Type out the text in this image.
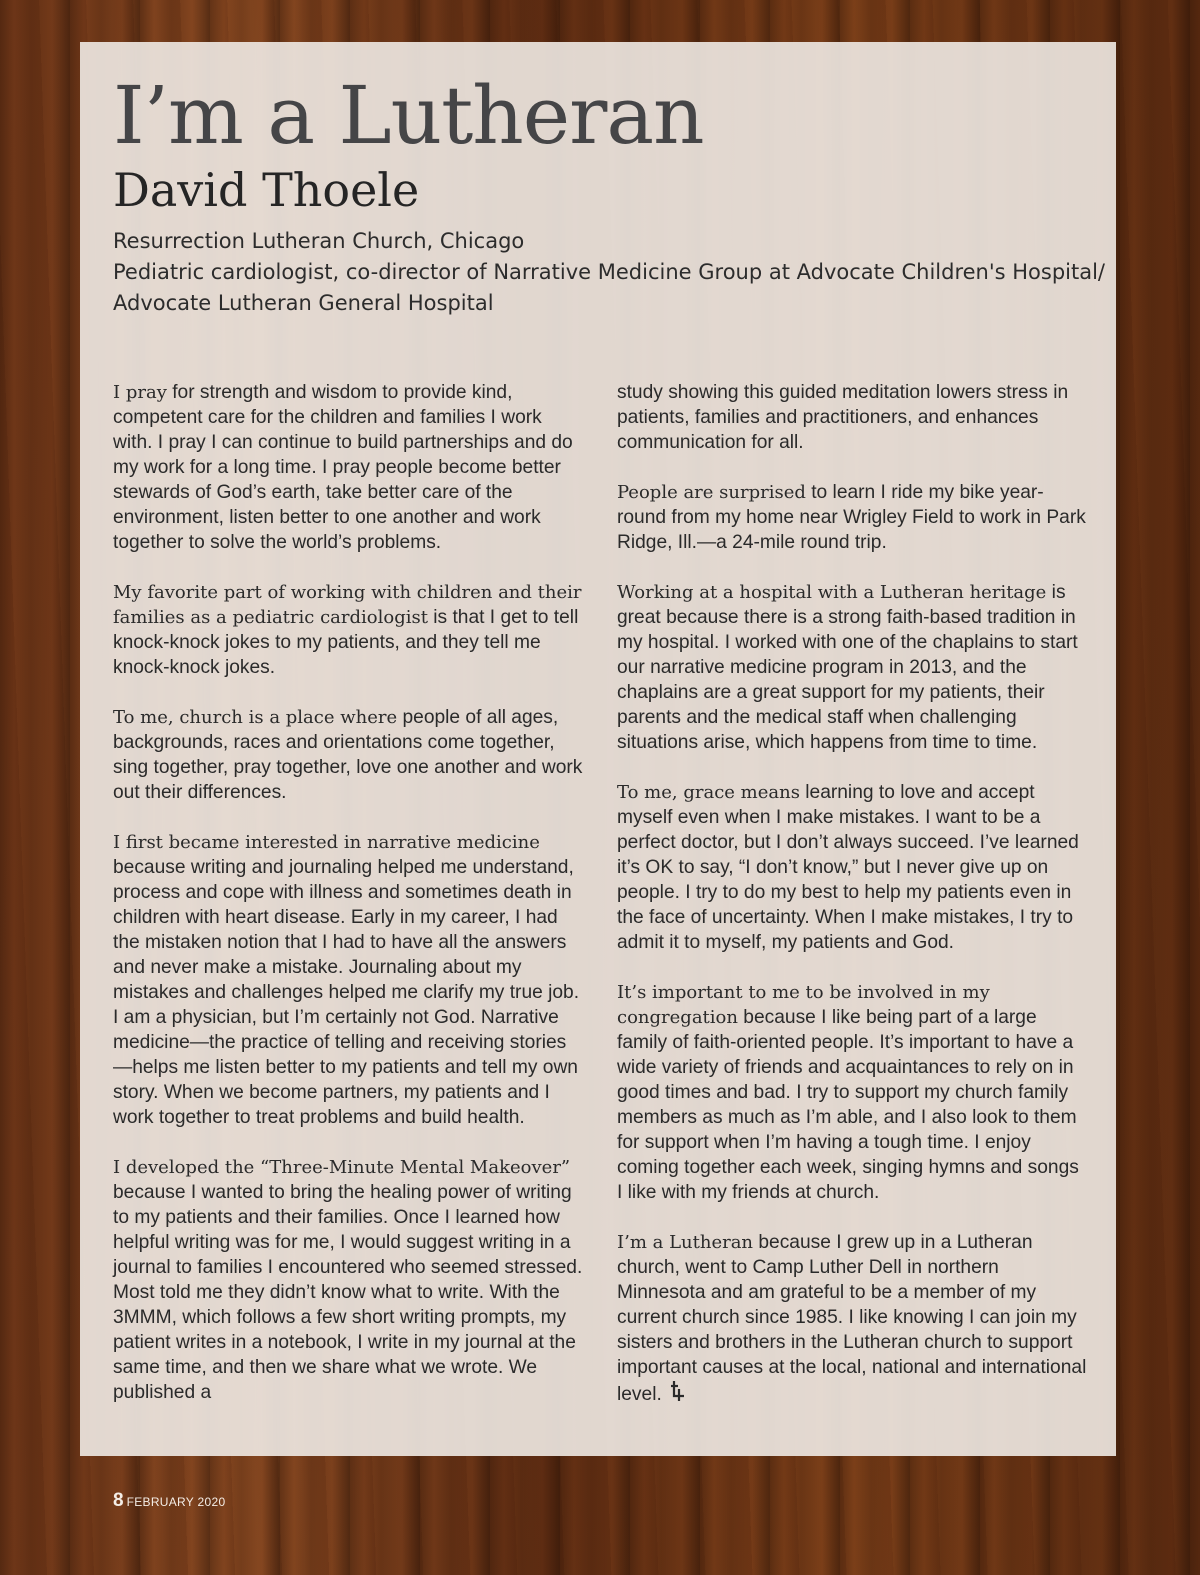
I’m a Lutheran
David Thoele
Resurrection Lutheran Church, Chicago
Pediatric cardiologist, co-director of Narrative Medicine Group at Advocate Children's Hospital/
Advocate Lutheran General Hospital

I pray for strength and wisdom to provide kind, competent care for the children and families I work with. I pray I can continue to build partnerships and do my work for a long time. I pray people become better stewards of God’s earth, take better care of the environment, listen better to one another and work together to solve the world’s problems.

My favorite part of working with children and their families as a pediatric cardiologist is that I get to tell knock-knock jokes to my patients, and they tell me knock-knock jokes.

To me, church is a place where people of all ages, backgrounds, races and orientations come together, sing together, pray together, love one another and work out their differences.

I first became interested in narrative medicine because writing and journaling helped me understand, process and cope with illness and sometimes death in children with heart disease. Early in my career, I had the mistaken notion that I had to have all the answers and never make a mistake. Journaling about my mistakes and challenges helped me clarify my true job. I am a physician, but I’m certainly not God. Narrative medicine—the practice of telling and receiving stories—helps me listen better to my patients and tell my own story. When we become partners, my patients and I work together to treat problems and build health.

I developed the “Three-Minute Mental Makeover” because I wanted to bring the healing power of writing to my patients and their families. Once I learned how helpful writing was for me, I would suggest writing in a journal to families I encountered who seemed stressed. Most told me they didn’t know what to write. With the 3MMM, which follows a few short writing prompts, my patient writes in a notebook, I write in my journal at the same time, and then we share what we wrote. We published a

study showing this guided meditation lowers stress in patients, families and practitioners, and enhances communication for all.

People are surprised to learn I ride my bike year-round from my home near Wrigley Field to work in Park Ridge, Ill.—a 24-mile round trip.

Working at a hospital with a Lutheran heritage is great because there is a strong faith-based tradition in my hospital. I worked with one of the chaplains to start our narrative medicine program in 2013, and the chaplains are a great support for my patients, their parents and the medical staff when challenging situations arise, which happens from time to time.

To me, grace means learning to love and accept myself even when I make mistakes. I want to be a perfect doctor, but I don’t always succeed. I’ve learned it’s OK to say, “I don’t know,” but I never give up on people. I try to do my best to help my patients even in the face of uncertainty. When I make mistakes, I try to admit it to myself, my patients and God.

It’s important to me to be involved in my congregation because I like being part of a large family of faith-oriented people. It’s important to have a wide variety of friends and acquaintances to rely on in good times and bad. I try to support my church family members as much as I’m able, and I also look to them for support when I’m having a tough time. I enjoy coming together each week, singing hymns and songs I like with my friends at church.

I’m a Lutheran because I grew up in a Lutheran church, went to Camp Luther Dell in northern Minnesota and am grateful to be a member of my current church since 1985. I like knowing I can join my sisters and brothers in the Lutheran church to support important causes at the local, national and international level.

8 FEBRUARY 2020
